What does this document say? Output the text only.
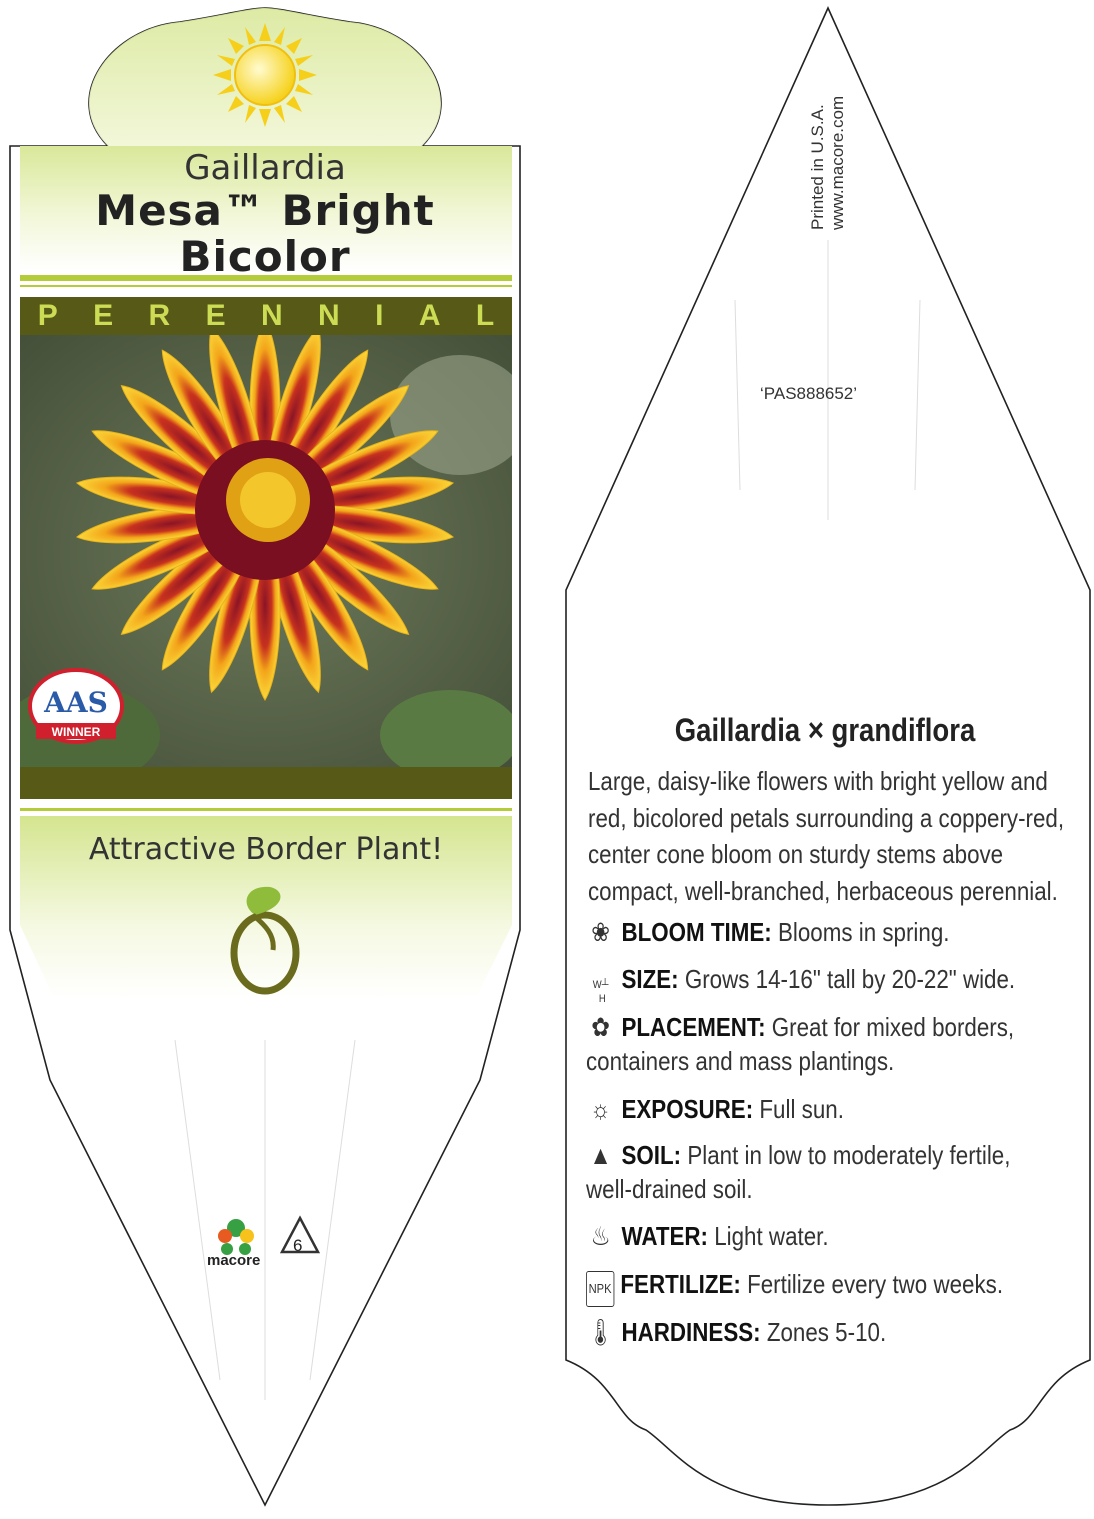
Gaillardia
Mesa™ Bright
Bicolor
P E R E N N I A L
AAS
WINNER
Attractive Border Plant!
macore
6
Printed in U.S.A. www.macore.com
‘PAS888652’
Gaillardia × grandiflora
Large, daisy-like flowers with bright yellow and
red, bicolored petals surrounding a coppery-red,
center cone bloom on sturdy stems above
compact, well-branched, herbaceous perennial.
❀ BLOOM TIME: Blooms in spring.
W┴
H
SIZE: Grows 14-16" tall by 20-22" wide.
✿ PLACEMENT: Great for mixed borders,
containers and mass plantings.
☼ EXPOSURE: Full sun.
▲ SOIL: Plant in low to moderately fertile,
well-drained soil.
♨ WATER: Light water.
NPK FERTILIZE: Fertilize every two weeks.
🌡 HARDINESS: Zones 5-10.
